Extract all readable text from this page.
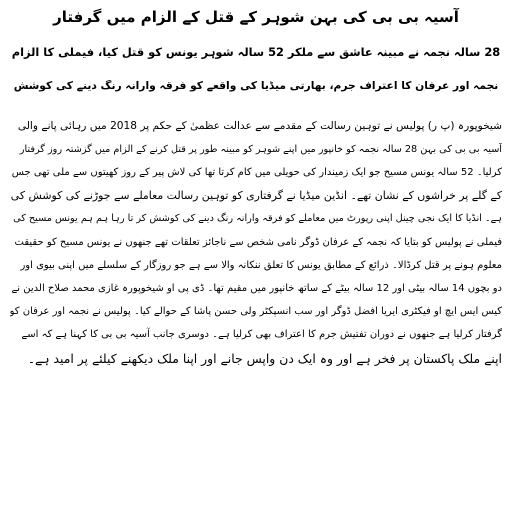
آسیہ بی بی کی بہن شوہر کے قتل کے الزام میں گرفتار
28 سالہ نجمہ نے مبینہ عاشق سے ملکر 52 سالہ شوہر یونس کو قتل کیا، فیملی کا الزام
نجمہ اور عرفان کا اعتراف جرم، بھارتی میڈیا کی واقعے کو فرقہ وارانہ رنگ دینے کی کوشش
شیخوپورہ (پ ر) پولیس نے توہین رسالت کے مقدمے سے عدالت عظمیٰ کے حکم پر 2018 میں رہائی پانے والی
آسیہ بی بی کی بہن 28 سالہ نجمہ کو خانپور میں اپنے شوہر کو مبینہ طور پر قتل کرنے کے الزام میں گزشتہ روز گرفتار
کرلیا۔ 52 سالہ یونس مسیح جو ایک زمیندار کی حویلی میں کام کرتا تھا کی لاش پیر کے روز کھیتوں سے ملی تھی جس
کے گلے پر خراشوں کے نشان تھے۔ انڈین میڈیا نے گرفتاری کو توہین رسالت معاملے سے جوڑنے کی کوشش کی
ہے۔ انڈیا کا ایک نجی چینل اپنی رپورٹ میں معاملے کو فرقہ وارانہ رنگ دینے کی کوشش کر تا رہا ہم ہم یونس مسیح کی
فیملی نے پولیس کو بتایا کہ نجمہ کے عرفان ڈوگر نامی شخص سے ناجائز تعلقات تھے جنھوں نے یونس مسیح کو حقیقت
معلوم ہونے پر قتل کرڈالا۔ ذرائع کے مطابق یونس کا تعلق ننکانہ والا سے ہے جو روزگار کے سلسلے میں اپنی بیوی اور
دو بچوں 14 سالہ بیٹی اور 12 سالہ بیٹے کے ساتھ خانپور میں مقیم تھا۔ ڈی پی او شیخوپورہ غازی محمد صلاح الدین نے
کیس ایس ایچ او فیکٹری ایریا افضل ڈوگر اور سب انسپکٹر ولی حسن پاشا کے حوالے کیا۔ پولیس نے نجمہ اور عرفان کو
گرفتار کرلیا ہے جنھوں نے دوران تفتیش جرم کا اعتراف بھی کرلیا ہے۔ دوسری جانب آسیہ بی بی کا کہنا ہے کہ اسے
اپنے ملک پاکستان پر فخر ہے اور وہ ایک دن واپس جانے اور اپنا ملک دیکھنے کیلئے پر امید ہے۔
